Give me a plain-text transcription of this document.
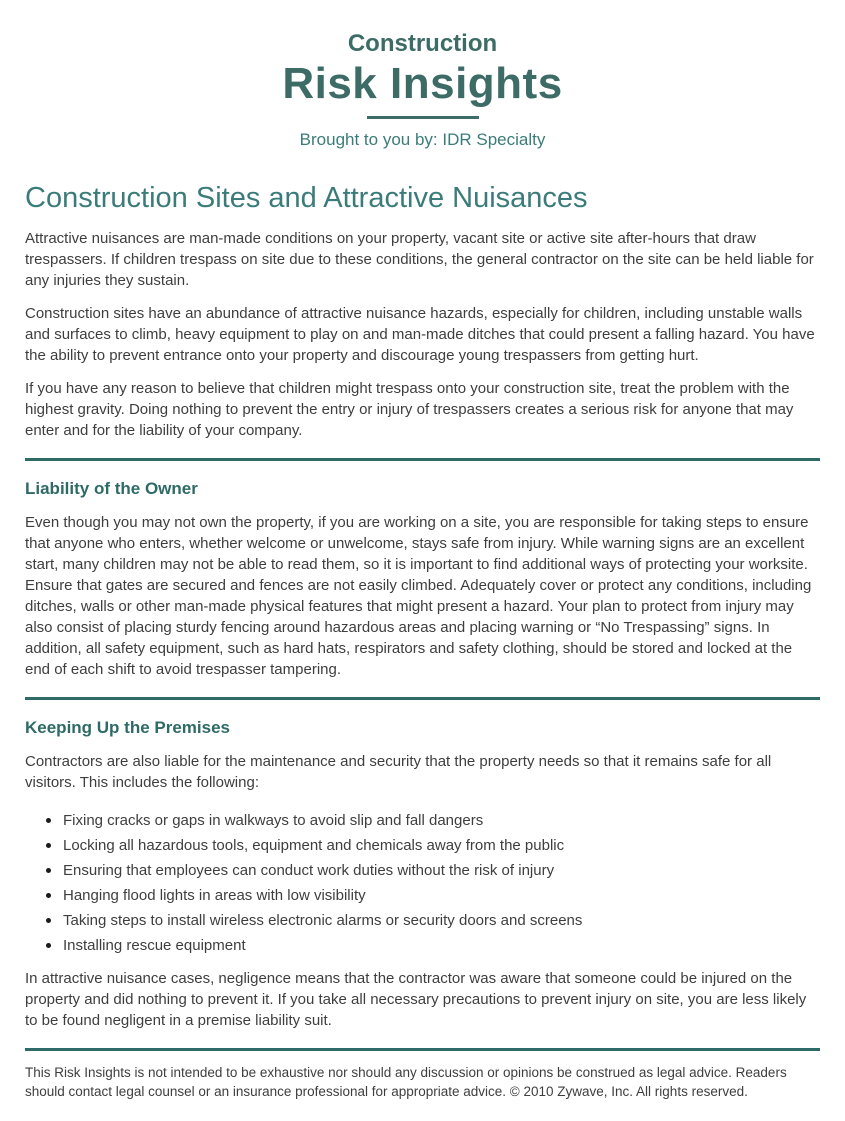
Construction
Risk Insights
Brought to you by: IDR Specialty
Construction Sites and Attractive Nuisances

Attractive nuisances are man-made conditions on your property, vacant site or active site after-hours that draw trespassers. If children trespass on site due to these conditions, the general contractor on the site can be held liable for any injuries they sustain.

Construction sites have an abundance of attractive nuisance hazards, especially for children, including unstable walls and surfaces to climb, heavy equipment to play on and man-made ditches that could present a falling hazard. You have the ability to prevent entrance onto your property and discourage young trespassers from getting hurt.

If you have any reason to believe that children might trespass onto your construction site, treat the problem with the highest gravity. Doing nothing to prevent the entry or injury of trespassers creates a serious risk for anyone that may enter and for the liability of your company.

Liability of the Owner

Even though you may not own the property, if you are working on a site, you are responsible for taking steps to ensure that anyone who enters, whether welcome or unwelcome, stays safe from injury. While warning signs are an excellent start, many children may not be able to read them, so it is important to find additional ways of protecting your worksite. Ensure that gates are secured and fences are not easily climbed. Adequately cover or protect any conditions, including ditches, walls or other man-made physical features that might present a hazard. Your plan to protect from injury may also consist of placing sturdy fencing around hazardous areas and placing warning or “No Trespassing” signs. In addition, all safety equipment, such as hard hats, respirators and safety clothing, should be stored and locked at the end of each shift to avoid trespasser tampering.

Keeping Up the Premises

Contractors are also liable for the maintenance and security that the property needs so that it remains safe for all visitors. This includes the following:

Fixing cracks or gaps in walkways to avoid slip and fall dangers
Locking all hazardous tools, equipment and chemicals away from the public
Ensuring that employees can conduct work duties without the risk of injury
Hanging flood lights in areas with low visibility
Taking steps to install wireless electronic alarms or security doors and screens
Installing rescue equipment

In attractive nuisance cases, negligence means that the contractor was aware that someone could be injured on the property and did nothing to prevent it. If you take all necessary precautions to prevent injury on site, you are less likely to be found negligent in a premise liability suit.

This Risk Insights is not intended to be exhaustive nor should any discussion or opinions be construed as legal advice. Readers should contact legal counsel or an insurance professional for appropriate advice. © 2010 Zywave, Inc. All rights reserved.
